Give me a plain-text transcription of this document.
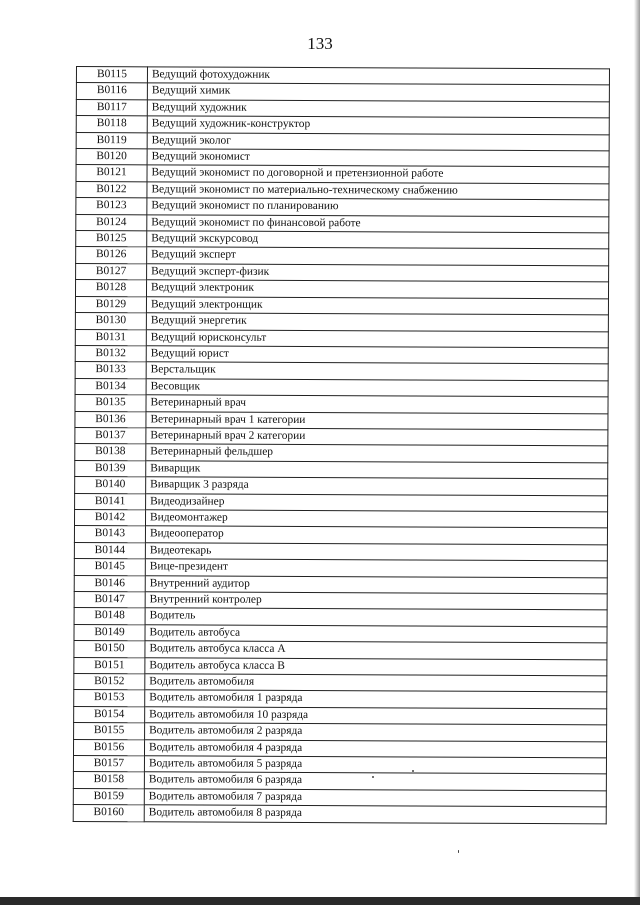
133
B0115	Ведущий фотохудожник
B0116	Ведущий химик
B0117	Ведущий художник
B0118	Ведущий художник-конструктор
B0119	Ведущий эколог
B0120	Ведущий экономист
B0121	Ведущий экономист по договорной и претензионной работе
B0122	Ведущий экономист по материально-техническому снабжению
B0123	Ведущий экономист по планированию
B0124	Ведущий экономист по финансовой работе
B0125	Ведущий экскурсовод
B0126	Ведущий эксперт
B0127	Ведущий эксперт-физик
B0128	Ведущий электроник
B0129	Ведущий электронщик
B0130	Ведущий энергетик
B0131	Ведущий юрисконсульт
B0132	Ведущий юрист
B0133	Верстальщик
B0134	Весовщик
B0135	Ветеринарный врач
B0136	Ветеринарный врач 1 категории
B0137	Ветеринарный врач 2 категории
B0138	Ветеринарный фельдшер
B0139	Виварщик
B0140	Виварщик 3 разряда
B0141	Видеодизайнер
B0142	Видеомонтажер
B0143	Видеооператор
B0144	Видеотекарь
B0145	Вице-президент
B0146	Внутренний аудитор
B0147	Внутренний контролер
B0148	Водитель
B0149	Водитель автобуса
B0150	Водитель автобуса класса А
B0151	Водитель автобуса класса В
B0152	Водитель автомобиля
B0153	Водитель автомобиля 1 разряда
B0154	Водитель автомобиля 10 разряда
B0155	Водитель автомобиля 2 разряда
B0156	Водитель автомобиля 4 разряда
B0157	Водитель автомобиля 5 разряда
B0158	Водитель автомобиля 6 разряда
B0159	Водитель автомобиля 7 разряда
B0160	Водитель автомобиля 8 разряда
